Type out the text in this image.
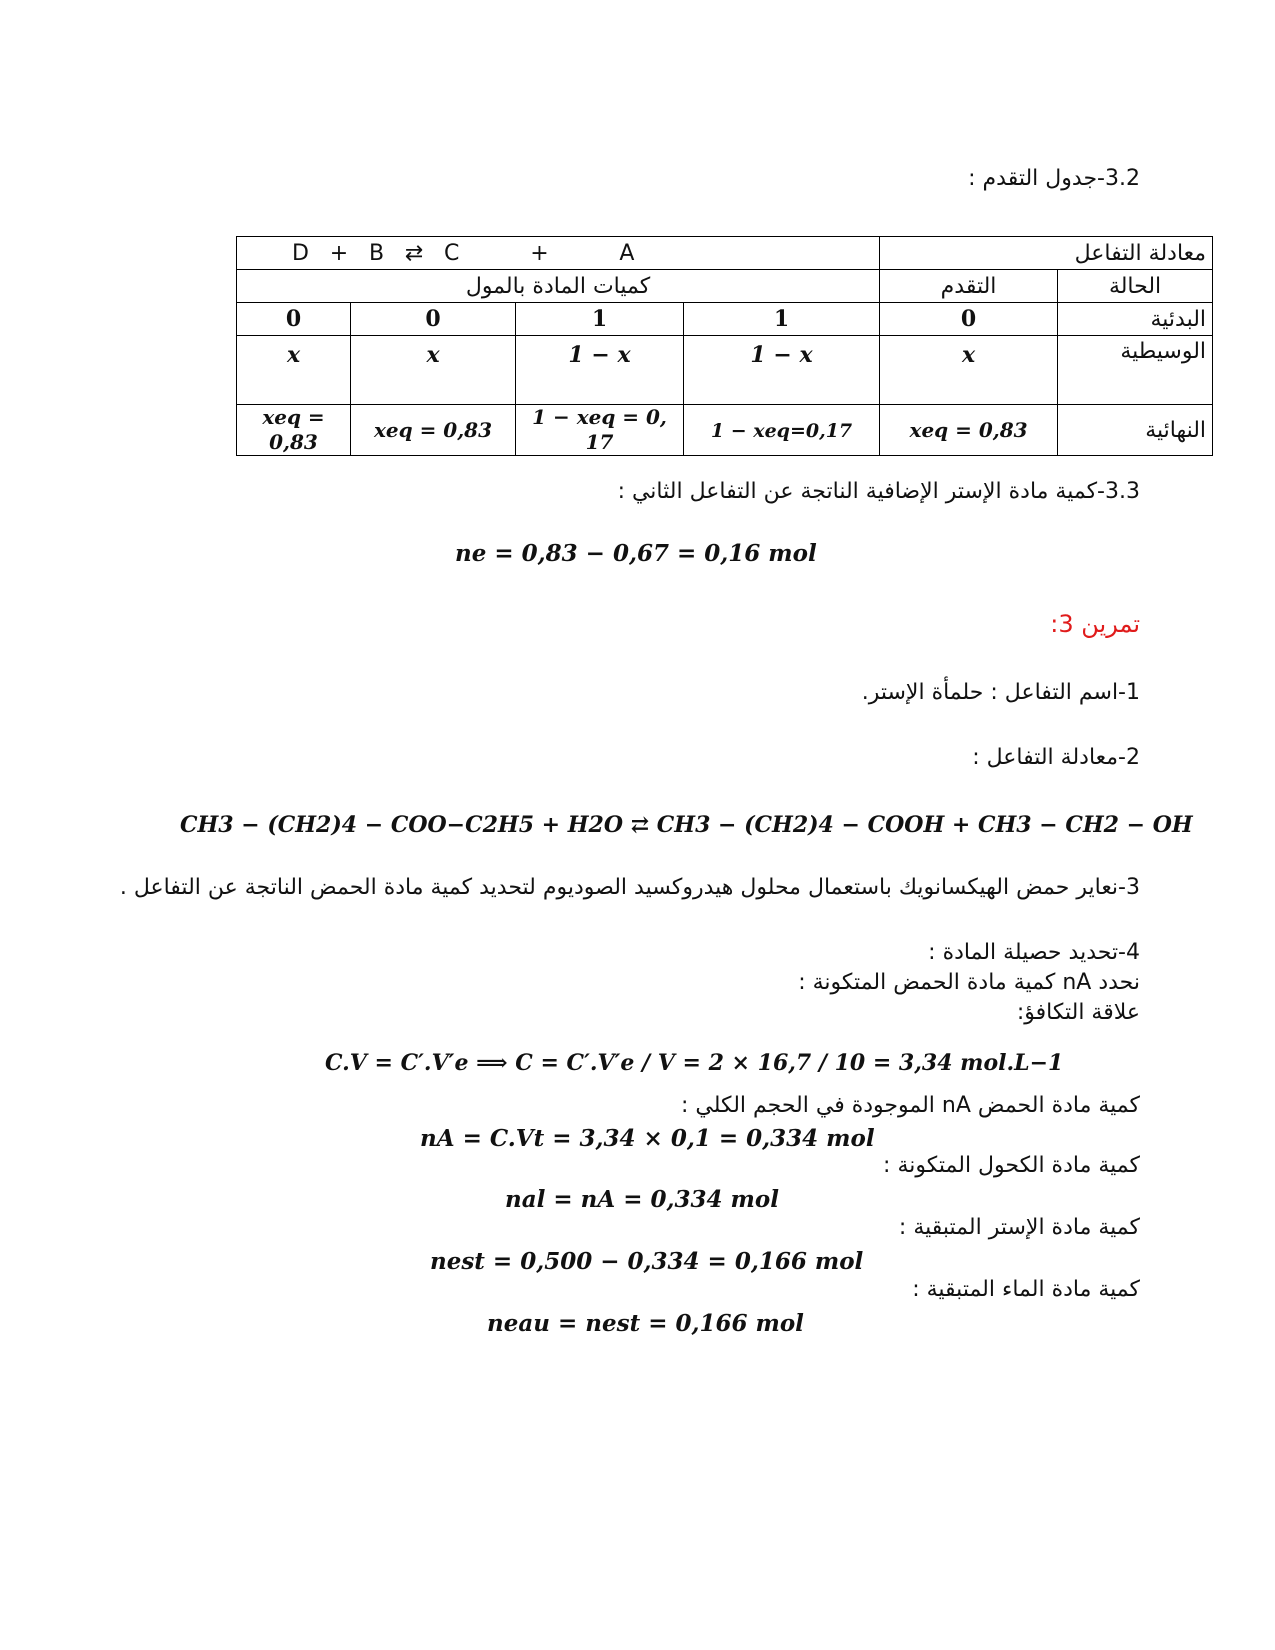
3.2-جدول التقدم :
D + B ⇄ C + A				معادلة التفاعل
كميات المادة بالمول				التقدم	الحالة
0	0	1	1	0	البدئية
x	x	1 − x	1 − x	x	الوسيطية
xeq = 0,83	xeq = 0,83	1 − xeq = 0, 17	1 − xeq=0,17	xeq = 0,83	النهائية
3.3-كمية مادة الإستر الإضافية الناتجة عن التفاعل الثاني :
ne = 0,83 − 0,67 = 0,16 mol
تمرين 3:
1-اسم التفاعل : حلمأة الإستر.
2-معادلة التفاعل :
CH3 − (CH2)4 − COO−C2H5 + H2O ⇄ CH3 − (CH2)4 − COOH + CH3 − CH2 − OH
3-نعاير حمض الهيكسانويك باستعمال محلول هيدروكسيد الصوديوم لتحديد كمية مادة الحمض الناتجة عن التفاعل .
4-تحديد حصيلة المادة :
نحدد nA كمية مادة الحمض المتكونة :
علاقة التكافؤ:
C.V = C′.V′e ⟹ C = C′.V′e / V = 2 × 16,7 / 10 = 3,34 mol.L−1
كمية مادة الحمض nA الموجودة في الحجم الكلي :
nA = C.Vt = 3,34 × 0,1 = 0,334 mol
كمية مادة الكحول المتكونة :
nal = nA = 0,334 mol
كمية مادة الإستر المتبقية :
nest = 0,500 − 0,334 = 0,166 mol
كمية مادة الماء المتبقية :
neau = nest = 0,166 mol
